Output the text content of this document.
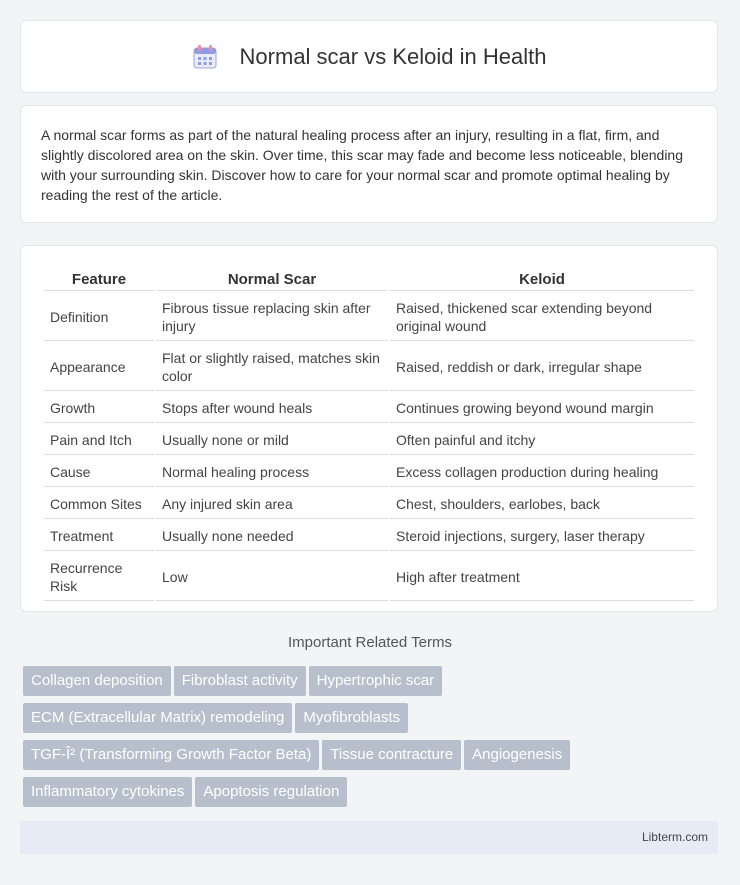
Normal scar vs Keloid in Health

A normal scar forms as part of the natural healing process after an injury, resulting in a flat, firm, and slightly discolored area on the skin. Over time, this scar may fade and become less noticeable, blending with your surrounding skin. Discover how to care for your normal scar and promote optimal healing by reading the rest of the article.

Feature	Normal Scar	Keloid
Definition	Fibrous tissue replacing skin after injury	Raised, thickened scar extending beyond original wound
Appearance	Flat or slightly raised, matches skin color	Raised, reddish or dark, irregular shape
Growth	Stops after wound heals	Continues growing beyond wound margin
Pain and Itch	Usually none or mild	Often painful and itchy
Cause	Normal healing process	Excess collagen production during healing
Common Sites	Any injured skin area	Chest, shoulders, earlobes, back
Treatment	Usually none needed	Steroid injections, surgery, laser therapy
Recurrence Risk	Low	High after treatment
Important Related Terms
Collagen deposition Fibroblast activity Hypertrophic scar
ECM (Extracellular Matrix) remodeling Myofibroblasts
TGF-Î² (Transforming Growth Factor Beta) Tissue contracture Angiogenesis
Inflammatory cytokines Apoptosis regulation
Libterm.com
